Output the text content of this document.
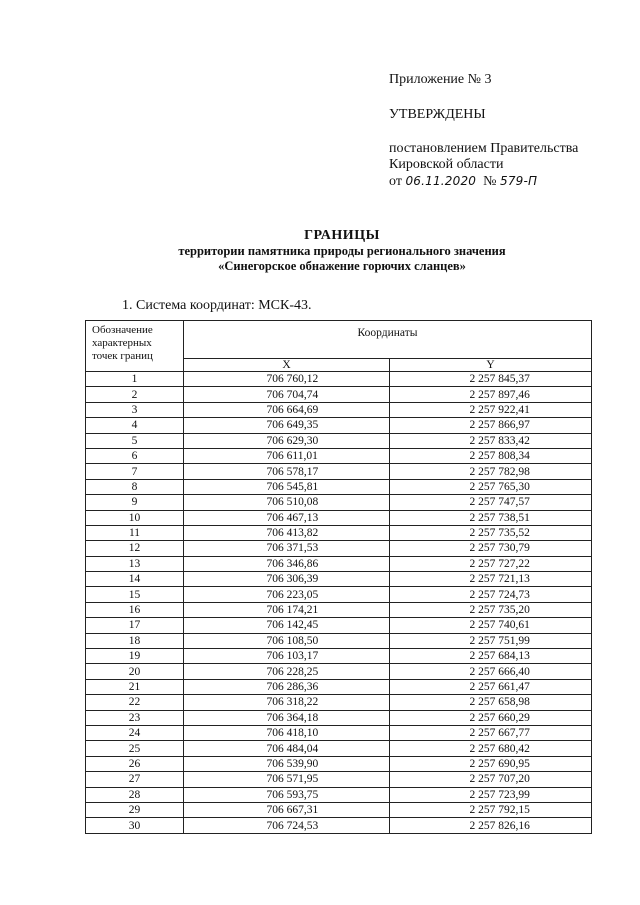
Приложение № 3
УТВЕРЖДЕНЫ
постановлением Правительства
Кировской области
от 06.11.2020 № 579-П
ГРАНИЦЫ
территории памятника природы регионального значения
«Синегорское обнажение горючих сланцев»
1. Система координат: МСК-43.
Обозначение характерных точек границ	Координаты	
	X	Y
1	706 760,12	2 257 845,37
2	706 704,74	2 257 897,46
3	706 664,69	2 257 922,41
4	706 649,35	2 257 866,97
5	706 629,30	2 257 833,42
6	706 611,01	2 257 808,34
7	706 578,17	2 257 782,98
8	706 545,81	2 257 765,30
9	706 510,08	2 257 747,57
10	706 467,13	2 257 738,51
11	706 413,82	2 257 735,52
12	706 371,53	2 257 730,79
13	706 346,86	2 257 727,22
14	706 306,39	2 257 721,13
15	706 223,05	2 257 724,73
16	706 174,21	2 257 735,20
17	706 142,45	2 257 740,61
18	706 108,50	2 257 751,99
19	706 103,17	2 257 684,13
20	706 228,25	2 257 666,40
21	706 286,36	2 257 661,47
22	706 318,22	2 257 658,98
23	706 364,18	2 257 660,29
24	706 418,10	2 257 667,77
25	706 484,04	2 257 680,42
26	706 539,90	2 257 690,95
27	706 571,95	2 257 707,20
28	706 593,75	2 257 723,99
29	706 667,31	2 257 792,15
30	706 724,53	2 257 826,16
